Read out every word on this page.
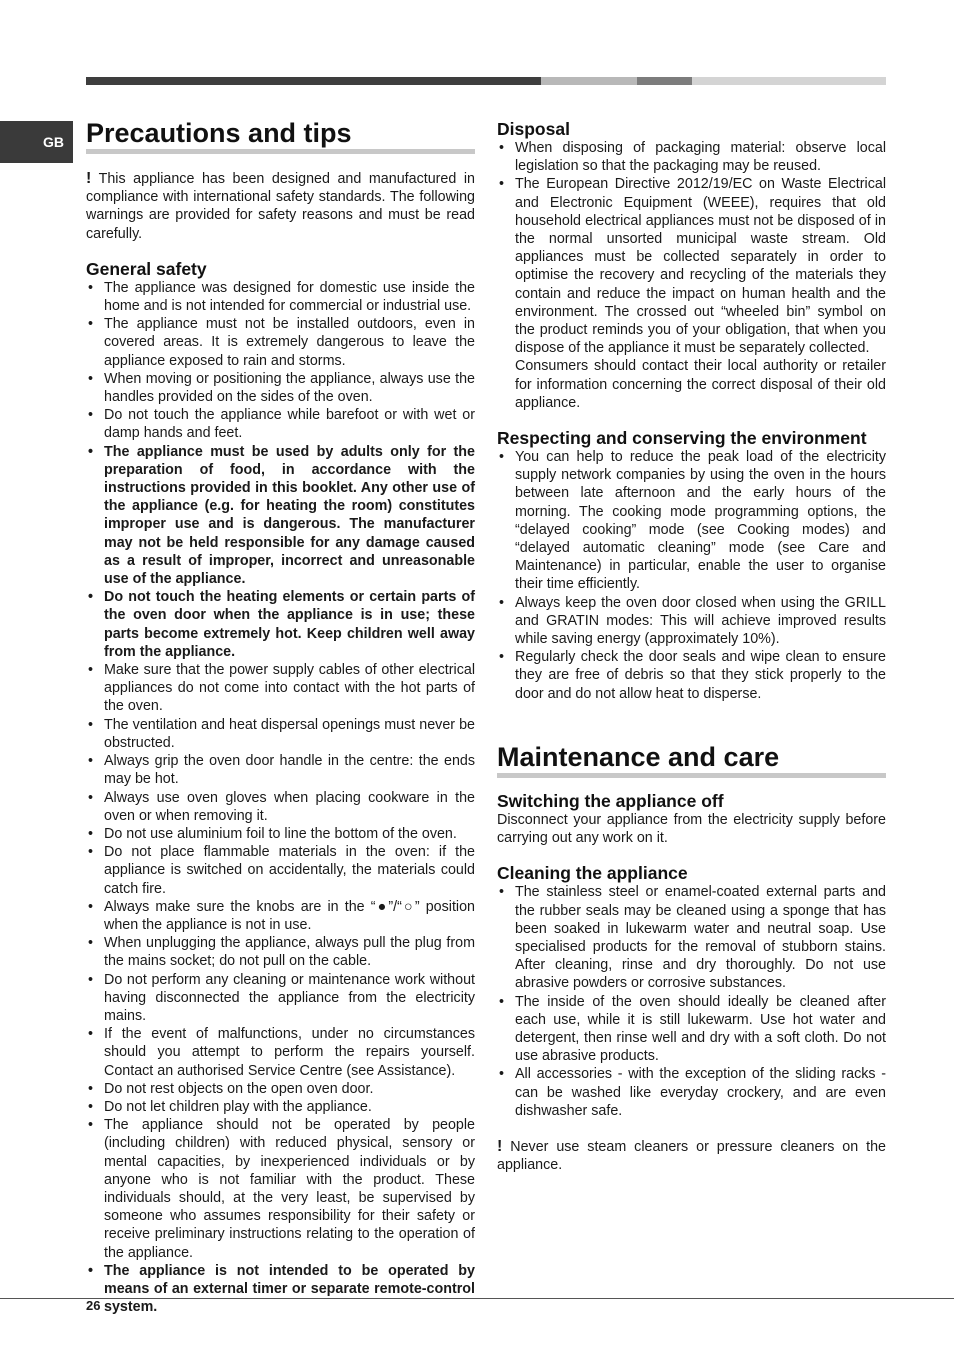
GB Precautions and tips

! This appliance has been designed and manufactured in compliance with international safety standards. The following warnings are provided for safety reasons and must be read carefully.

General safety
• The appliance was designed for domestic use inside the home and is not intended for commercial or industrial use.
• The appliance must not be installed outdoors, even in covered areas. It is extremely dangerous to leave the appliance exposed to rain and storms.
• When moving or positioning the appliance, always use the handles provided on the sides of the oven.
• Do not touch the appliance while barefoot or with wet or damp hands and feet.
• The appliance must be used by adults only for the preparation of food, in accordance with the instructions provided in this booklet. Any other use of the appliance (e.g. for heating the room) constitutes improper use and is dangerous. The manufacturer may not be held responsible for any damage caused as a result of improper, incorrect and unreasonable use of the appliance.
• Do not touch the heating elements or certain parts of the oven door when the appliance is in use; these parts become extremely hot. Keep children well away from the appliance.
• Make sure that the power supply cables of other electrical appliances do not come into contact with the hot parts of the oven.
• The ventilation and heat dispersal openings must never be obstructed.
• Always grip the oven door handle in the centre: the ends may be hot.
• Always use oven gloves when placing cookware in the oven or when removing it.
• Do not use aluminium foil to line the bottom of the oven.
• Do not place flammable materials in the oven: if the appliance is switched on accidentally, the materials could catch fire.
• Always make sure the knobs are in the “●”/“○” position when the appliance is not in use.
• When unplugging the appliance, always pull the plug from the mains socket; do not pull on the cable.
• Do not perform any cleaning or maintenance work without having disconnected the appliance from the electricity mains.
• If the event of malfunctions, under no circumstances should you attempt to perform the repairs yourself. Contact an authorised Service Centre (see Assistance).
• Do not rest objects on the open oven door.
• Do not let children play with the appliance.
• The appliance should not be operated by people (including children) with reduced physical, sensory or mental capacities, by inexperienced individuals or by anyone who is not familiar with the product. These individuals should, at the very least, be supervised by someone who assumes responsibility for their safety or receive preliminary instructions relating to the operation of the appliance.
• The appliance is not intended to be operated by means of an external timer or separate remote-control system.
Disposal
• When disposing of packaging material: observe local legislation so that the packaging may be reused.
• The European Directive 2012/19/EC on Waste Electrical and Electronic Equipment (WEEE), requires that old household electrical appliances must not be disposed of in the normal unsorted municipal waste stream. Old appliances must be collected separately in order to optimise the recovery and recycling of the materials they contain and reduce the impact on human health and the environment. The crossed out “wheeled bin” symbol on the product reminds you of your obligation, that when you dispose of the appliance it must be separately collected.
Consumers should contact their local authority or retailer for information concerning the correct disposal of their old appliance.
Respecting and conserving the environment
• You can help to reduce the peak load of the electricity supply network companies by using the oven in the hours between late afternoon and the early hours of the morning. The cooking mode programming options, the “delayed cooking” mode (see Cooking modes) and “delayed automatic cleaning” mode (see Care and Maintenance) in particular, enable the user to organise their time efficiently.
• Always keep the oven door closed when using the GRILL and GRATIN modes: This will achieve improved results while saving energy (approximately 10%).
• Regularly check the door seals and wipe clean to ensure they are free of debris so that they stick properly to the door and do not allow heat to disperse.
Maintenance and care
Switching the appliance off

Disconnect your appliance from the electricity supply before carrying out any work on it.

Cleaning the appliance
• The stainless steel or enamel-coated external parts and the rubber seals may be cleaned using a sponge that has been soaked in lukewarm water and neutral soap. Use specialised products for the removal of stubborn stains. After cleaning, rinse and dry thoroughly. Do not use abrasive powders or corrosive substances.
• The inside of the oven should ideally be cleaned after each use, while it is still lukewarm. Use hot water and detergent, then rinse well and dry with a soft cloth. Do not use abrasive products.
• All accessories - with the exception of the sliding racks - can be washed like everyday crockery, and are even dishwasher safe.

! Never use steam cleaners or pressure cleaners on the appliance.

26
